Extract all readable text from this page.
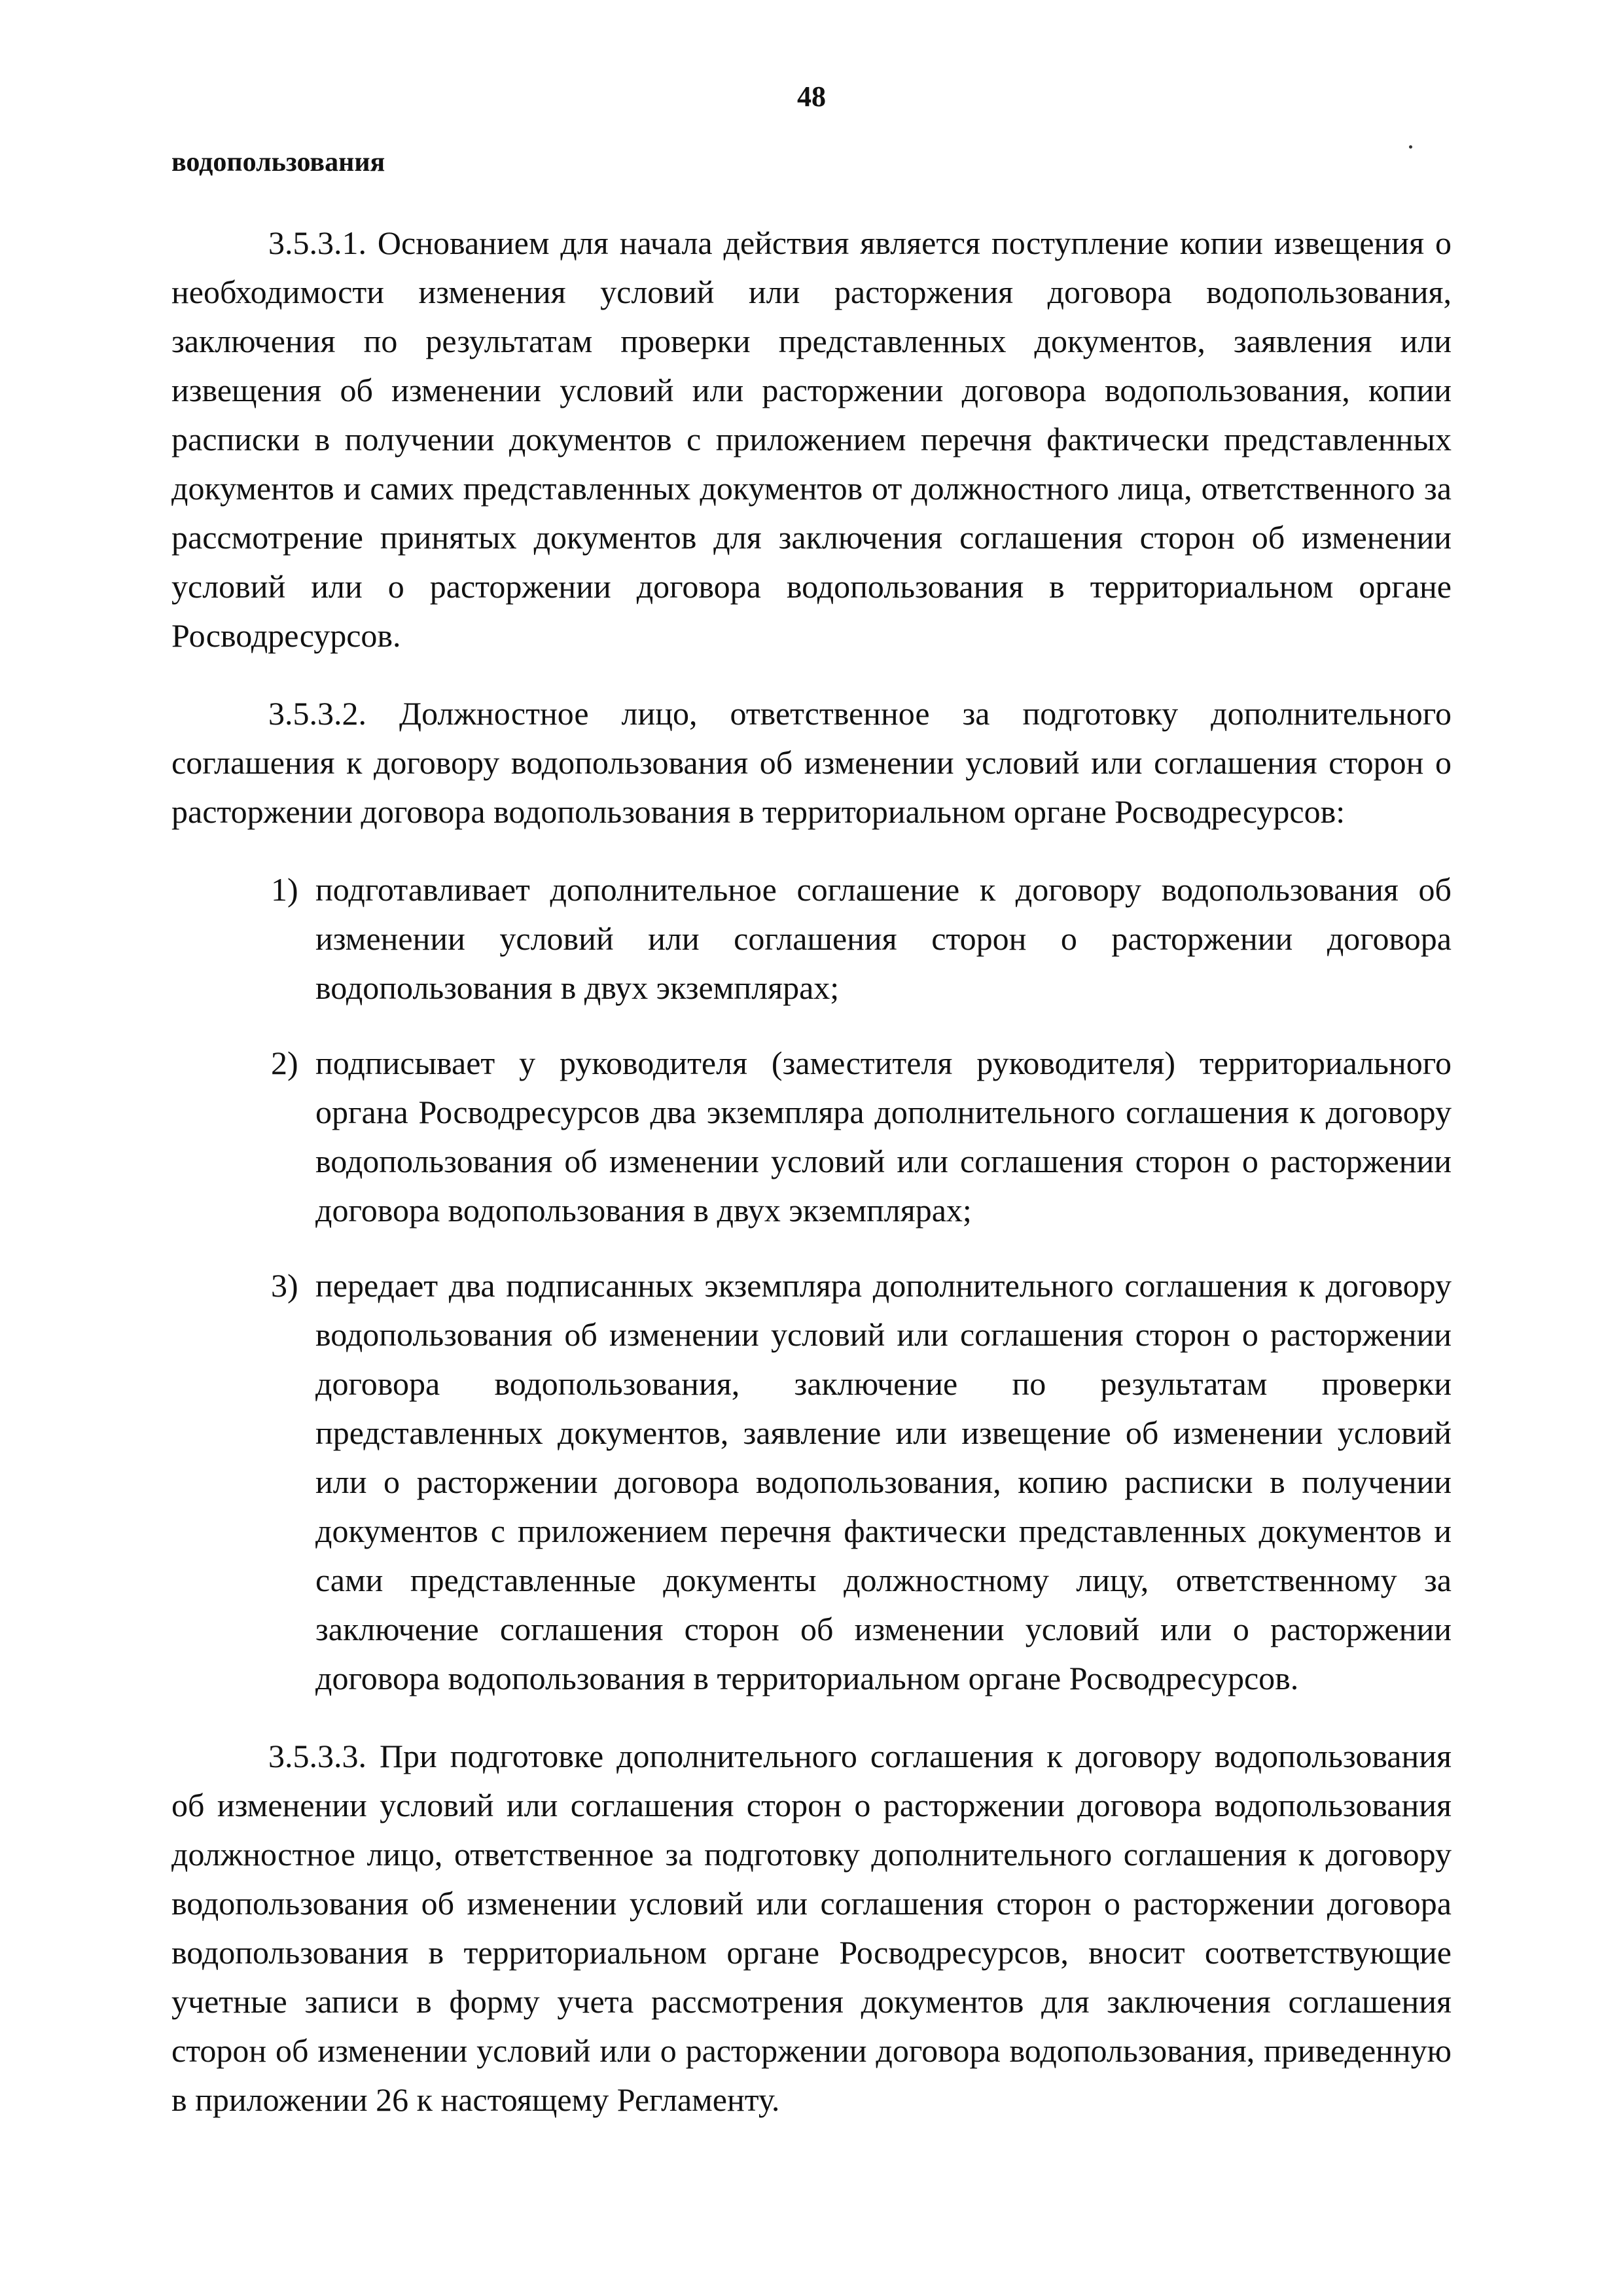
48
водопользования

3.5.3.1. Основанием для начала действия является поступление копии извещения о необходимости изменения условий или расторжения договора водопользования, заключения по результатам проверки представленных документов, заявления или извещения об изменении условий или расторжении договора водопользования, копии расписки в получении документов с приложением перечня фактически представленных документов и самих представленных документов от должностного лица, ответственного за рассмотрение принятых документов для заключения соглашения сторон об изменении условий или о расторжении договора водопользования в территориальном органе Росводресурсов.

3.5.3.2. Должностное лицо, ответственное за подготовку дополнительного соглашения к договору водопользования об изменении условий или соглашения сторон о расторжении договора водопользования в территориальном органе Росводресурсов:

1) подготавливает дополнительное соглашение к договору водопользования об изменении условий или соглашения сторон о расторжении договора водопользования в двух экземплярах;
2) подписывает у руководителя (заместителя руководителя) территориального органа Росводресурсов два экземпляра дополнительного соглашения к договору водопользования об изменении условий или соглашения сторон о расторжении договора водопользования в двух экземплярах;
3) передает два подписанных экземпляра дополнительного соглашения к договору водопользования об изменении условий или соглашения сторон о расторжении договора водопользования, заключение по результатам проверки представленных документов, заявление или извещение об изменении условий или о расторжении договора водопользования, копию расписки в получении документов с приложением перечня фактически представленных документов и сами представленные документы должностному лицу, ответственному за заключение соглашения сторон об изменении условий или о расторжении договора водопользования в территориальном органе Росводресурсов.

3.5.3.3. При подготовке дополнительного соглашения к договору водопользования об изменении условий или соглашения сторон о расторжении договора водопользования должностное лицо, ответственное за подготовку дополнительного соглашения к договору водопользования об изменении условий или соглашения сторон о расторжении договора водопользования в территориальном органе Росводресурсов, вносит соответствующие учетные записи в форму учета рассмотрения документов для заключения соглашения сторон об изменении условий или о расторжении договора водопользования, приведенную в приложении 26 к настоящему Регламенту.
